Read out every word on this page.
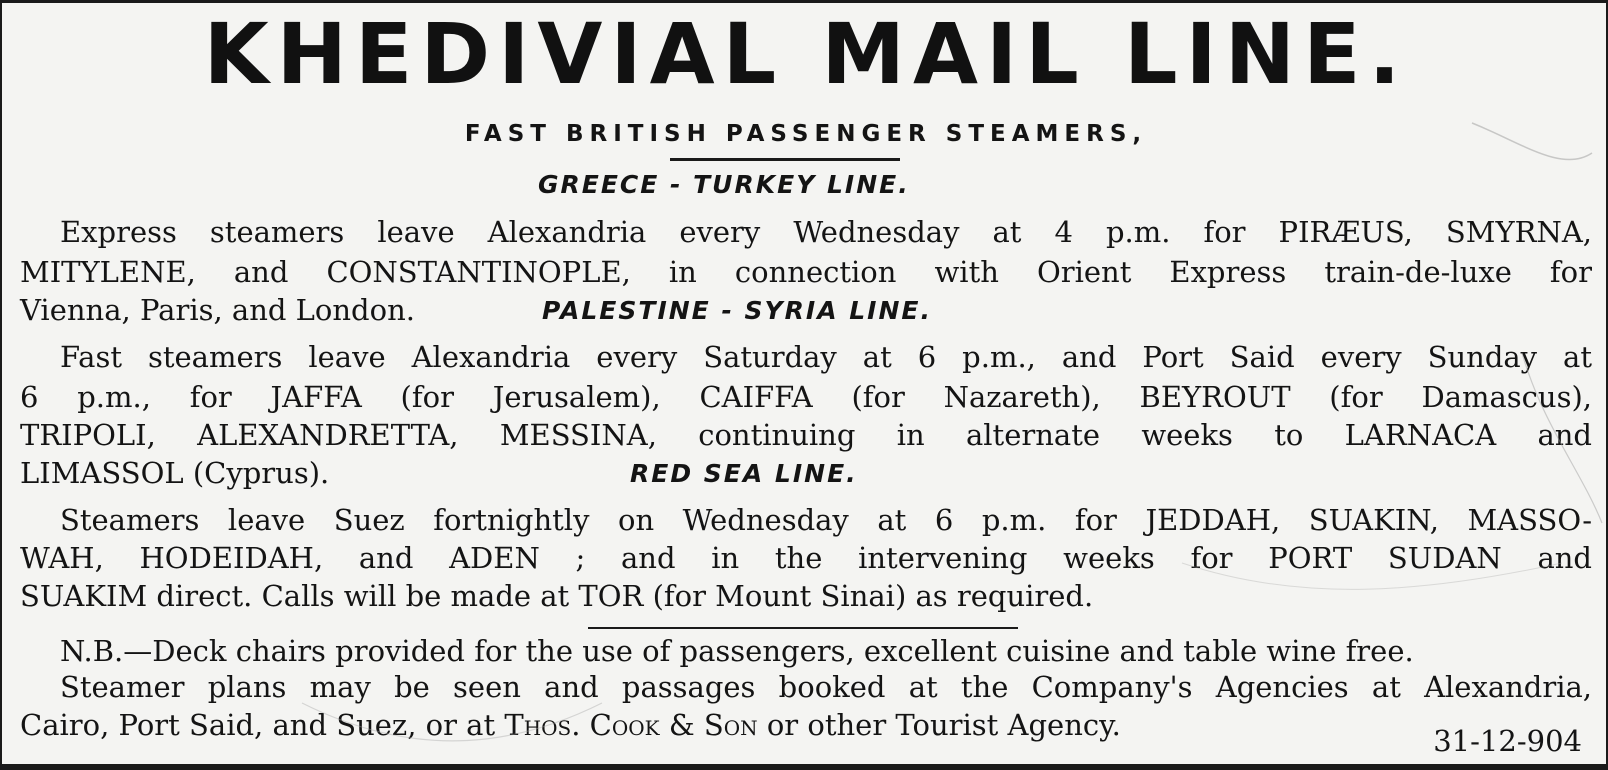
KHEDIVIAL MAIL LINE.
FAST BRITISH PASSENGER STEAMERS,
GREECE - TURKEY LINE.
Express steamers leave Alexandria every Wednesday at 4 p.m. for PIRÆUS, SMYRNA,
MITYLENE, and CONSTANTINOPLE, in connection with Orient Express train-de-luxe for
Vienna, Paris, and London.	PALESTINE - SYRIA LINE.
Fast steamers leave Alexandria every Saturday at 6 p.m., and Port Said every Sunday at
6 p.m., for JAFFA (for Jerusalem), CAIFFA (for Nazareth), BEYROUT (for Damascus),
TRIPOLI, ALEXANDRETTA, MESSINA, continuing in alternate weeks to LARNACA and
LIMASSOL (Cyprus).	RED SEA LINE.
Steamers leave Suez fortnightly on Wednesday at 6 p.m. for JEDDAH, SUAKIN, MASSO-
WAH, HODEIDAH, and ADEN ; and in the intervening weeks for PORT SUDAN and
SUAKIM direct. Calls will be made at TOR (for Mount Sinai) as required.
N.B.—Deck chairs provided for the use of passengers, excellent cuisine and table wine free.
Steamer plans may be seen and passages booked at the Company's Agencies at Alexandria,
Cairo, Port Said, and Suez, or at Thos. Cook & Son or other Tourist Agency.	31-12-904
